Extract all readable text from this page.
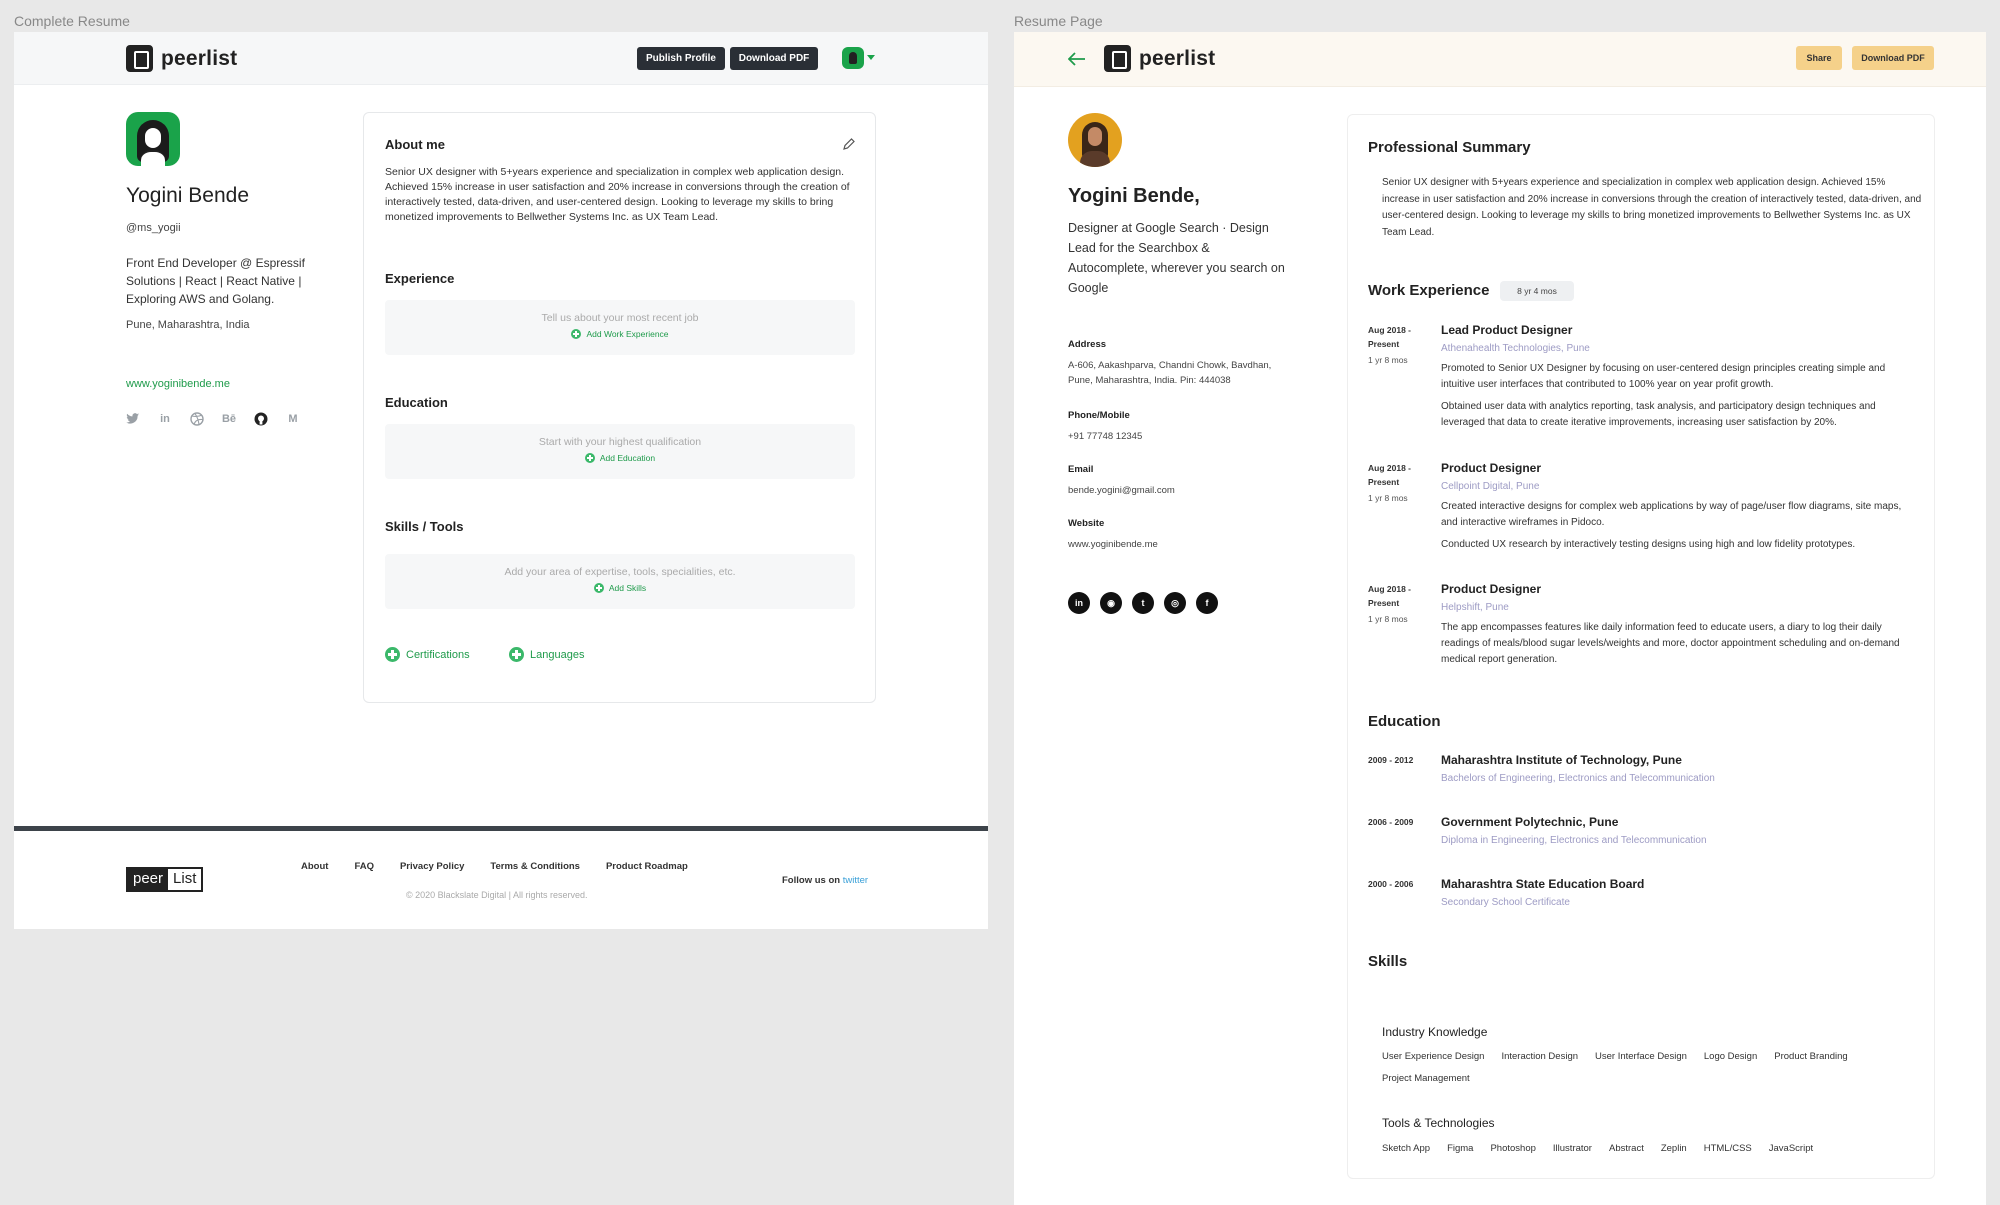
Complete Resume	Resume Page
peerlist	Publish Profile	Download PDF
Yogini Bende
@ms_yogii
Front End Developer @ Espressif Solutions | React | React Native | Exploring AWS and Golang.
Pune, Maharashtra, India
www.yoginibende.me
in	Bē	M
About me
Senior UX designer with 5+years experience and specialization in complex web application design. Achieved 15% increase in user satisfaction and 20% increase in conversions through the creation of interactively tested, data-driven, and user-centered design. Looking to leverage my skills to bring monetized improvements to Bellwether Systems Inc. as UX Team Lead.
Experience
Tell us about your most recent job
Add Work Experience
Education
Start with your highest qualification
Add Education
Skills / Tools
Add your area of expertise, tools, specialities, etc.
Add Skills
Certifications	Languages
peer List
About	FAQ	Privacy Policy	Terms & Conditions	Product Roadmap
© 2020 Blackslate Digital | All rights reserved.
Follow us on twitter
peerlist	Share	Download PDF
Yogini Bende,
Designer at Google Search · Design Lead for the Searchbox & Autocomplete, wherever you search on Google
Address
A-606, Aakashparva, Chandni Chowk, Bavdhan, Pune, Maharashtra, India. Pin: 444038
Phone/Mobile
+91 77748 12345
Email
bende.yogini@gmail.com
Website
www.yoginibende.me
in	◉	t	◎	f
Professional Summary
Senior UX designer with 5+years experience and specialization in complex web application design. Achieved 15% increase in user satisfaction and 20% increase in conversions through the creation of interactively tested, data-driven, and user-centered design. Looking to leverage my skills to bring monetized improvements to Bellwether Systems Inc. as UX Team Lead.
Work Experience	8 yr 4 mos
Aug 2018 - Present
1 yr 8 mos
Lead Product Designer
Athenahealth Technologies, Pune
Promoted to Senior UX Designer by focusing on user-centered design principles creating simple and intuitive user interfaces that contributed to 100% year on year profit growth.
Obtained user data with analytics reporting, task analysis, and participatory design techniques and leveraged that data to create iterative improvements, increasing user satisfaction by 20%.
Aug 2018 - Present
1 yr 8 mos
Product Designer
Cellpoint Digital, Pune
Created interactive designs for complex web applications by way of page/user flow diagrams, site maps, and interactive wireframes in Pidoco.
Conducted UX research by interactively testing designs using high and low fidelity prototypes.
Aug 2018 - Present
1 yr 8 mos
Product Designer
Helpshift, Pune
The app encompasses features like daily information feed to educate users, a diary to log their daily readings of meals/blood sugar levels/weights and more, doctor appointment scheduling and on-demand medical report generation.
Education
2009 - 2012 Maharashtra Institute of Technology, Pune
Bachelors of Engineering, Electronics and Telecommunication
2006 - 2009 Government Polytechnic, Pune
Diploma in Engineering, Electronics and Telecommunication
2000 - 2006 Maharashtra State Education Board
Secondary School Certificate
Skills
Industry Knowledge
User Experience Design Interaction Design User Interface Design Logo Design Product Branding
Project Management
Tools & Technologies
Sketch App Figma Photoshop Illustrator Abstract Zeplin HTML/CSS JavaScript
